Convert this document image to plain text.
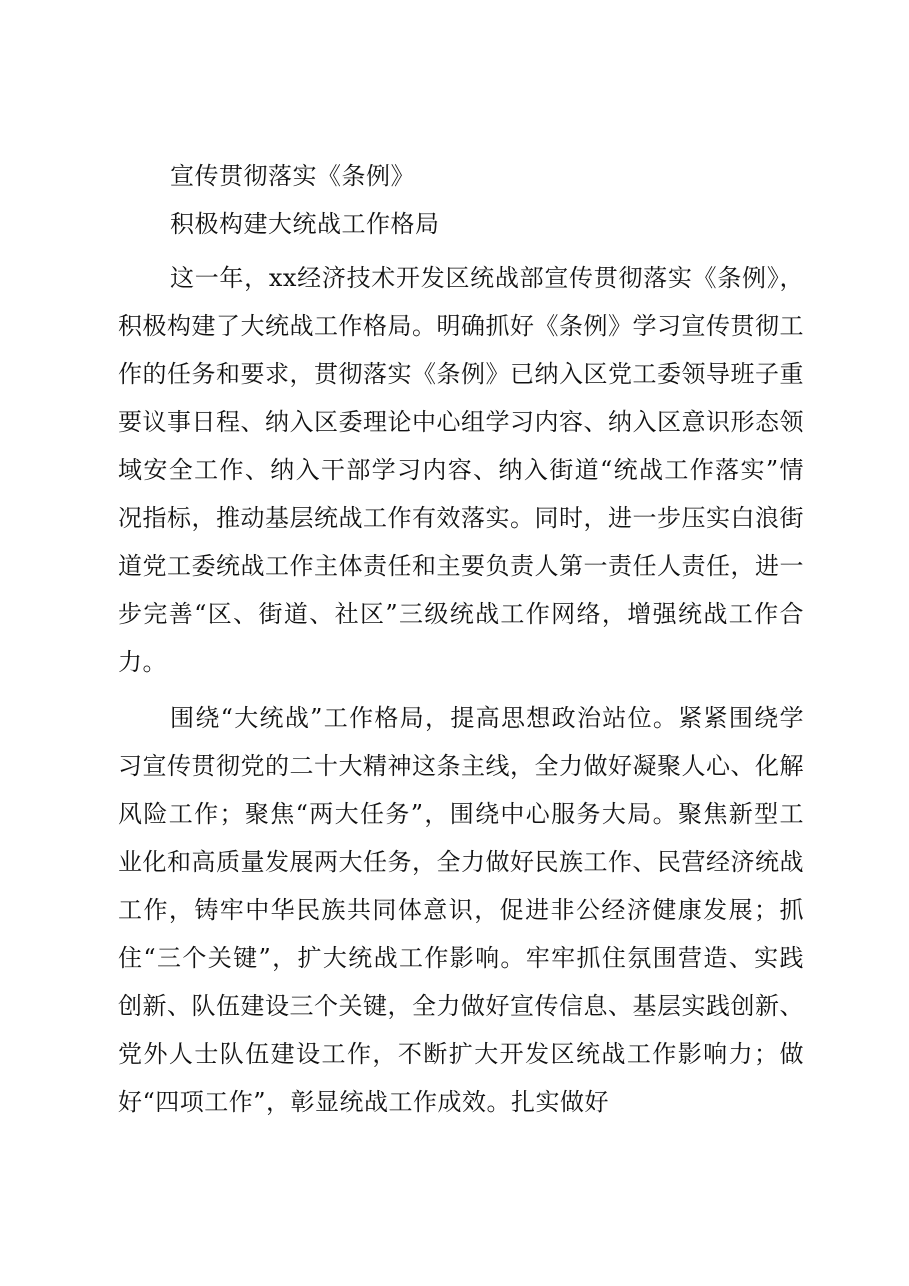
宣传贯彻落实《条例》
积极构建大统战工作格局

这一年，xx经济技术开发区统战部宣传贯彻落实《条例》，积极构建了大统战工作格局。明确抓好《条例》学习宣传贯彻工作的任务和要求，贯彻落实《条例》已纳入区党工委领导班子重要议事日程、纳入区委理论中心组学习内容、纳入区意识形态领域安全工作、纳入干部学习内容、纳入街道“统战工作落实”情况指标，推动基层统战工作有效落实。同时，进一步压实白浪街道党工委统战工作主体责任和主要负责人第一责任人责任，进一步完善“区、街道、社区”三级统战工作网络，增强统战工作合力。

围绕“大统战”工作格局，提高思想政治站位。紧紧围绕学习宣传贯彻党的二十大精神这条主线，全力做好凝聚人心、化解风险工作；聚焦“两大任务”，围绕中心服务大局。聚焦新型工业化和高质量发展两大任务，全力做好民族工作、民营经济统战工作，铸牢中华民族共同体意识，促进非公经济健康发展；抓住“三个关键”，扩大统战工作影响。牢牢抓住氛围营造、实践创新、队伍建设三个关键，全力做好宣传信息、基层实践创新、党外人士队伍建设工作，不断扩大开发区统战工作影响力；做好“四项工作”，彰显统战工作成效。扎实做好
